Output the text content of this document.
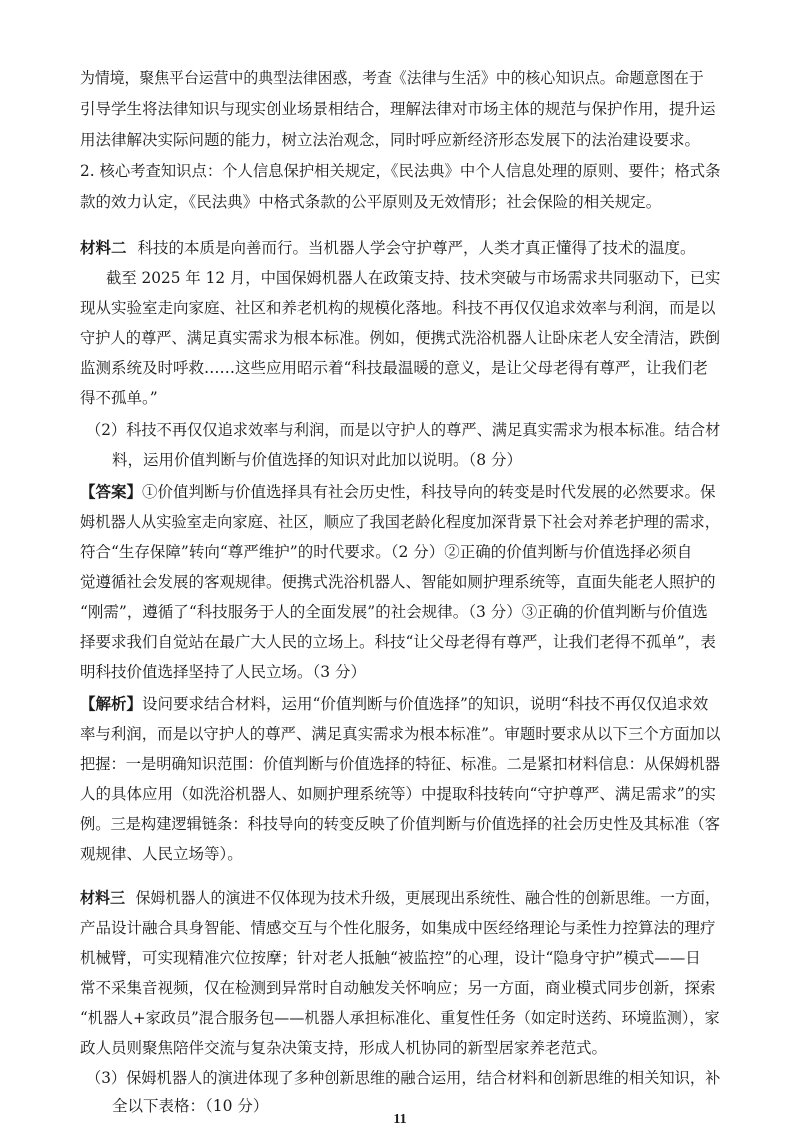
为情境，聚焦平台运营中的典型法律困惑，考查《法律与生活》中的核心知识点。命题意图在于
引导学生将法律知识与现实创业场景相结合，理解法律对市场主体的规范与保护作用，提升运
用法律解决实际问题的能力，树立法治观念，同时呼应新经济形态发展下的法治建设要求。
2. 核心考查知识点：个人信息保护相关规定，《民法典》中个人信息处理的原则、要件；格式条
款的效力认定，《民法典》中格式条款的公平原则及无效情形；社会保险的相关规定。
材料二 科技的本质是向善而行。当机器人学会守护尊严，人类才真正懂得了技术的温度。
截至 2025 年 12 月，中国保姆机器人在政策支持、技术突破与市场需求共同驱动下，已实
现从实验室走向家庭、社区和养老机构的规模化落地。科技不再仅仅追求效率与利润，而是以
守护人的尊严、满足真实需求为根本标准。例如，便携式洗浴机器人让卧床老人安全清洁，跌倒
监测系统及时呼救……这些应用昭示着“科技最温暖的意义，是让父母老得有尊严，让我们老
得不孤单。”
（2）科技不再仅仅追求效率与利润，而是以守护人的尊严、满足真实需求为根本标准。结合材
料，运用价值判断与价值选择的知识对此加以说明。（8 分）
【答案】①价值判断与价值选择具有社会历史性，科技导向的转变是时代发展的必然要求。保
姆机器人从实验室走向家庭、社区，顺应了我国老龄化程度加深背景下社会对养老护理的需求，
符合“生存保障”转向“尊严维护”的时代要求。（2 分）②正确的价值判断与价值选择必须自
觉遵循社会发展的客观规律。便携式洗浴机器人、智能如厕护理系统等，直面失能老人照护的
“刚需”，遵循了“科技服务于人的全面发展”的社会规律。（3 分）③正确的价值判断与价值选
择要求我们自觉站在最广大人民的立场上。科技“让父母老得有尊严，让我们老得不孤单”，表
明科技价值选择坚持了人民立场。（3 分）
【解析】设问要求结合材料，运用“价值判断与价值选择”的知识，说明“科技不再仅仅追求效
率与利润，而是以守护人的尊严、满足真实需求为根本标准”。审题时要求从以下三个方面加以
把握：一是明确知识范围：价值判断与价值选择的特征、标准。二是紧扣材料信息：从保姆机器
人的具体应用（如洗浴机器人、如厕护理系统等）中提取科技转向“守护尊严、满足需求”的实
例。三是构建逻辑链条：科技导向的转变反映了价值判断与价值选择的社会历史性及其标准（客
观规律、人民立场等）。
材料三 保姆机器人的演进不仅体现为技术升级，更展现出系统性、融合性的创新思维。一方面，
产品设计融合具身智能、情感交互与个性化服务，如集成中医经络理论与柔性力控算法的理疗
机械臂，可实现精准穴位按摩；针对老人抵触“被监控”的心理，设计“隐身守护”模式——日
常不采集音视频，仅在检测到异常时自动触发关怀响应；另一方面，商业模式同步创新，探索
“机器人+家政员”混合服务包——机器人承担标准化、重复性任务（如定时送药、环境监测），家
政人员则聚焦陪伴交流与复杂决策支持，形成人机协同的新型居家养老范式。
（3）保姆机器人的演进体现了多种创新思维的融合运用，结合材料和创新思维的相关知识，补
全以下表格：（10 分）
11
